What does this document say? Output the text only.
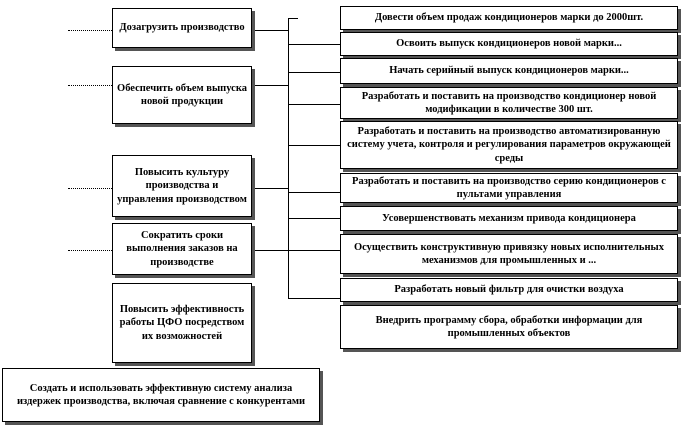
Дозагрузить производство
Обеспечить объем выпуска новой продукции
Повысить культуру производства и управления производством
Сократить сроки выполнения заказов на производстве
Повысить эффективность работы ЦФО посредством их возможностей
Создать и использовать эффективную систему анализа издержек производства, включая сравнение с конкурентами
Довести объем продаж кондиционеров марки до 2000шт.
Освоить выпуск кондиционеров новой марки...
Начать серийный выпуск кондиционеров марки...
Разработать и поставить на производство кондиционер новой модификации в количестве 300 шт.
Разработать и поставить на производство автоматизированную систему учета, контроля и регулирования параметров окружающей среды
Разработать и поставить на производство серию кондиционеров с пультами управления
Усовершенствовать механизм привода кондиционера
Осуществить конструктивную привязку новых исполнительных механизмов для промышленных и ...
Разработать новый фильтр для очистки воздуха
Внедрить программу сбора, обработки информации для промышленных объектов
